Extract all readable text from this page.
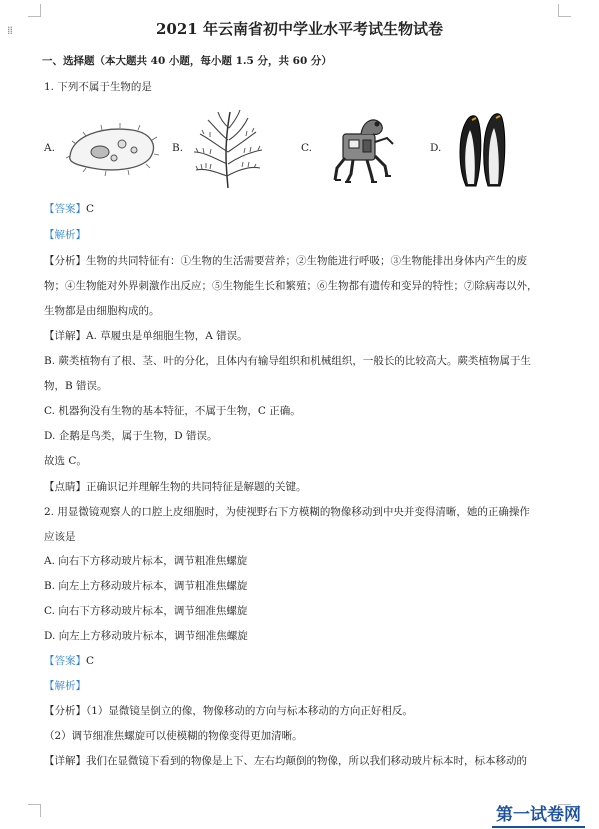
⁞⁞	2021 年云南省初中学业水平考试生物试卷
一、选择题（本大题共 40 小题，每小题 1.5 分，共 60 分）
1. 下列不属于生物的是
A.	B.	C.	D.
【答案】C
【解析】
【分析】生物的共同特征有：①生物的生活需要营养；②生物能进行呼吸；③生物能排出身体内产生的废
物；④生物能对外界刺激作出反应；⑤生物能生长和繁殖；⑥生物都有遗传和变异的特性；⑦除病毒以外，
生物都是由细胞构成的。
【详解】A. 草履虫是单细胞生物，A 错误。
B. 蕨类植物有了根、茎、叶的分化，且体内有输导组织和机械组织，一般长的比较高大。蕨类植物属于生
物，B 错误。
C. 机器狗没有生物的基本特征，不属于生物，C 正确。
D. 企鹅是鸟类，属于生物，D 错误。
故选 C。
【点睛】正确识记并理解生物的共同特征是解题的关键。
2. 用显微镜观察人的口腔上皮细胞时，为使视野右下方模糊的物像移动到中央并变得清晰，她的正确操作
应该是
A. 向右下方移动玻片标本，调节粗准焦螺旋
B. 向左上方移动玻片标本，调节粗准焦螺旋
C. 向右下方移动玻片标本，调节细准焦螺旋
D. 向左上方移动玻片标本，调节细准焦螺旋
【答案】C
【解析】
【分析】（1）显微镜呈倒立的像，物像移动的方向与标本移动的方向正好相反。
（2）调节细准焦螺旋可以使模糊的物像变得更加清晰。
【详解】我们在显微镜下看到的物像是上下、左右均颠倒的物像，所以我们移动玻片标本时，标本移动的
第一试卷网
